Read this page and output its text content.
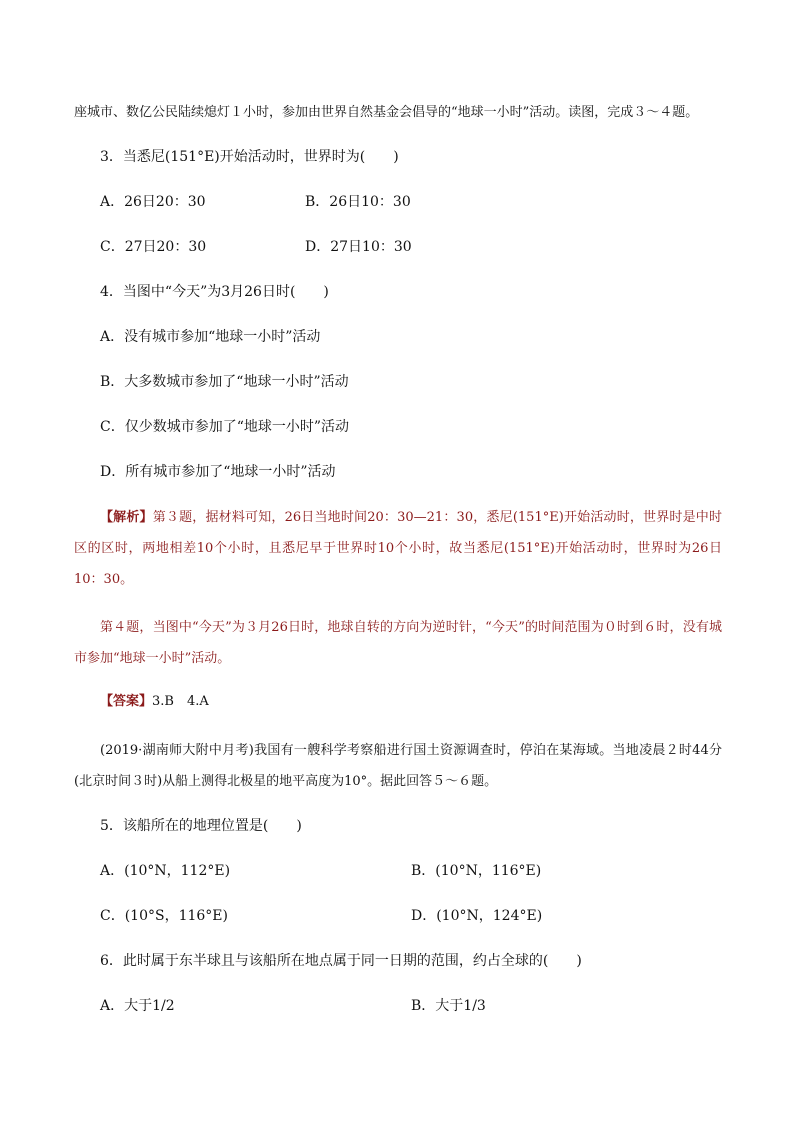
座城市、数亿公民陆续熄灯１小时，参加由世界自然基金会倡导的“地球一小时”活动。读图，完成３～４题。
3．当悉尼(151°E)开始活动时，世界时为(　　)
A．26日20：30	B．26日10：30
C．27日20：30	D．27日10：30
4．当图中“今天”为3月26日时(　　)
A．没有城市参加“地球一小时”活动
B．大多数城市参加了“地球一小时”活动
C．仅少数城市参加了“地球一小时”活动
D．所有城市参加了“地球一小时”活动
【解析】第３题，据材料可知，26日当地时间20：30—21：30，悉尼(151°E)开始活动时，世界时是中时区的区时，两地相差10个小时，且悉尼早于世界时10个小时，故当悉尼(151°E)开始活动时，世界时为26日10：30。
第４题，当图中“今天”为３月26日时，地球自转的方向为逆时针，“今天”的时间范围为０时到６时，没有城市参加“地球一小时”活动。
【答案】3.B　4.A
(2019·湖南师大附中月考)我国有一艘科学考察船进行国土资源调查时，停泊在某海域。当地凌晨２时44分(北京时间３时)从船上测得北极星的地平高度为10°。据此回答５～６题。
5．该船所在的地理位置是(　　)
A．(10°N，112°E)	B．(10°N，116°E)
C．(10°S，116°E)	D．(10°N，124°E)
6．此时属于东半球且与该船所在地点属于同一日期的范围，约占全球的(　　)
A．大于1/2	B．大于1/3
